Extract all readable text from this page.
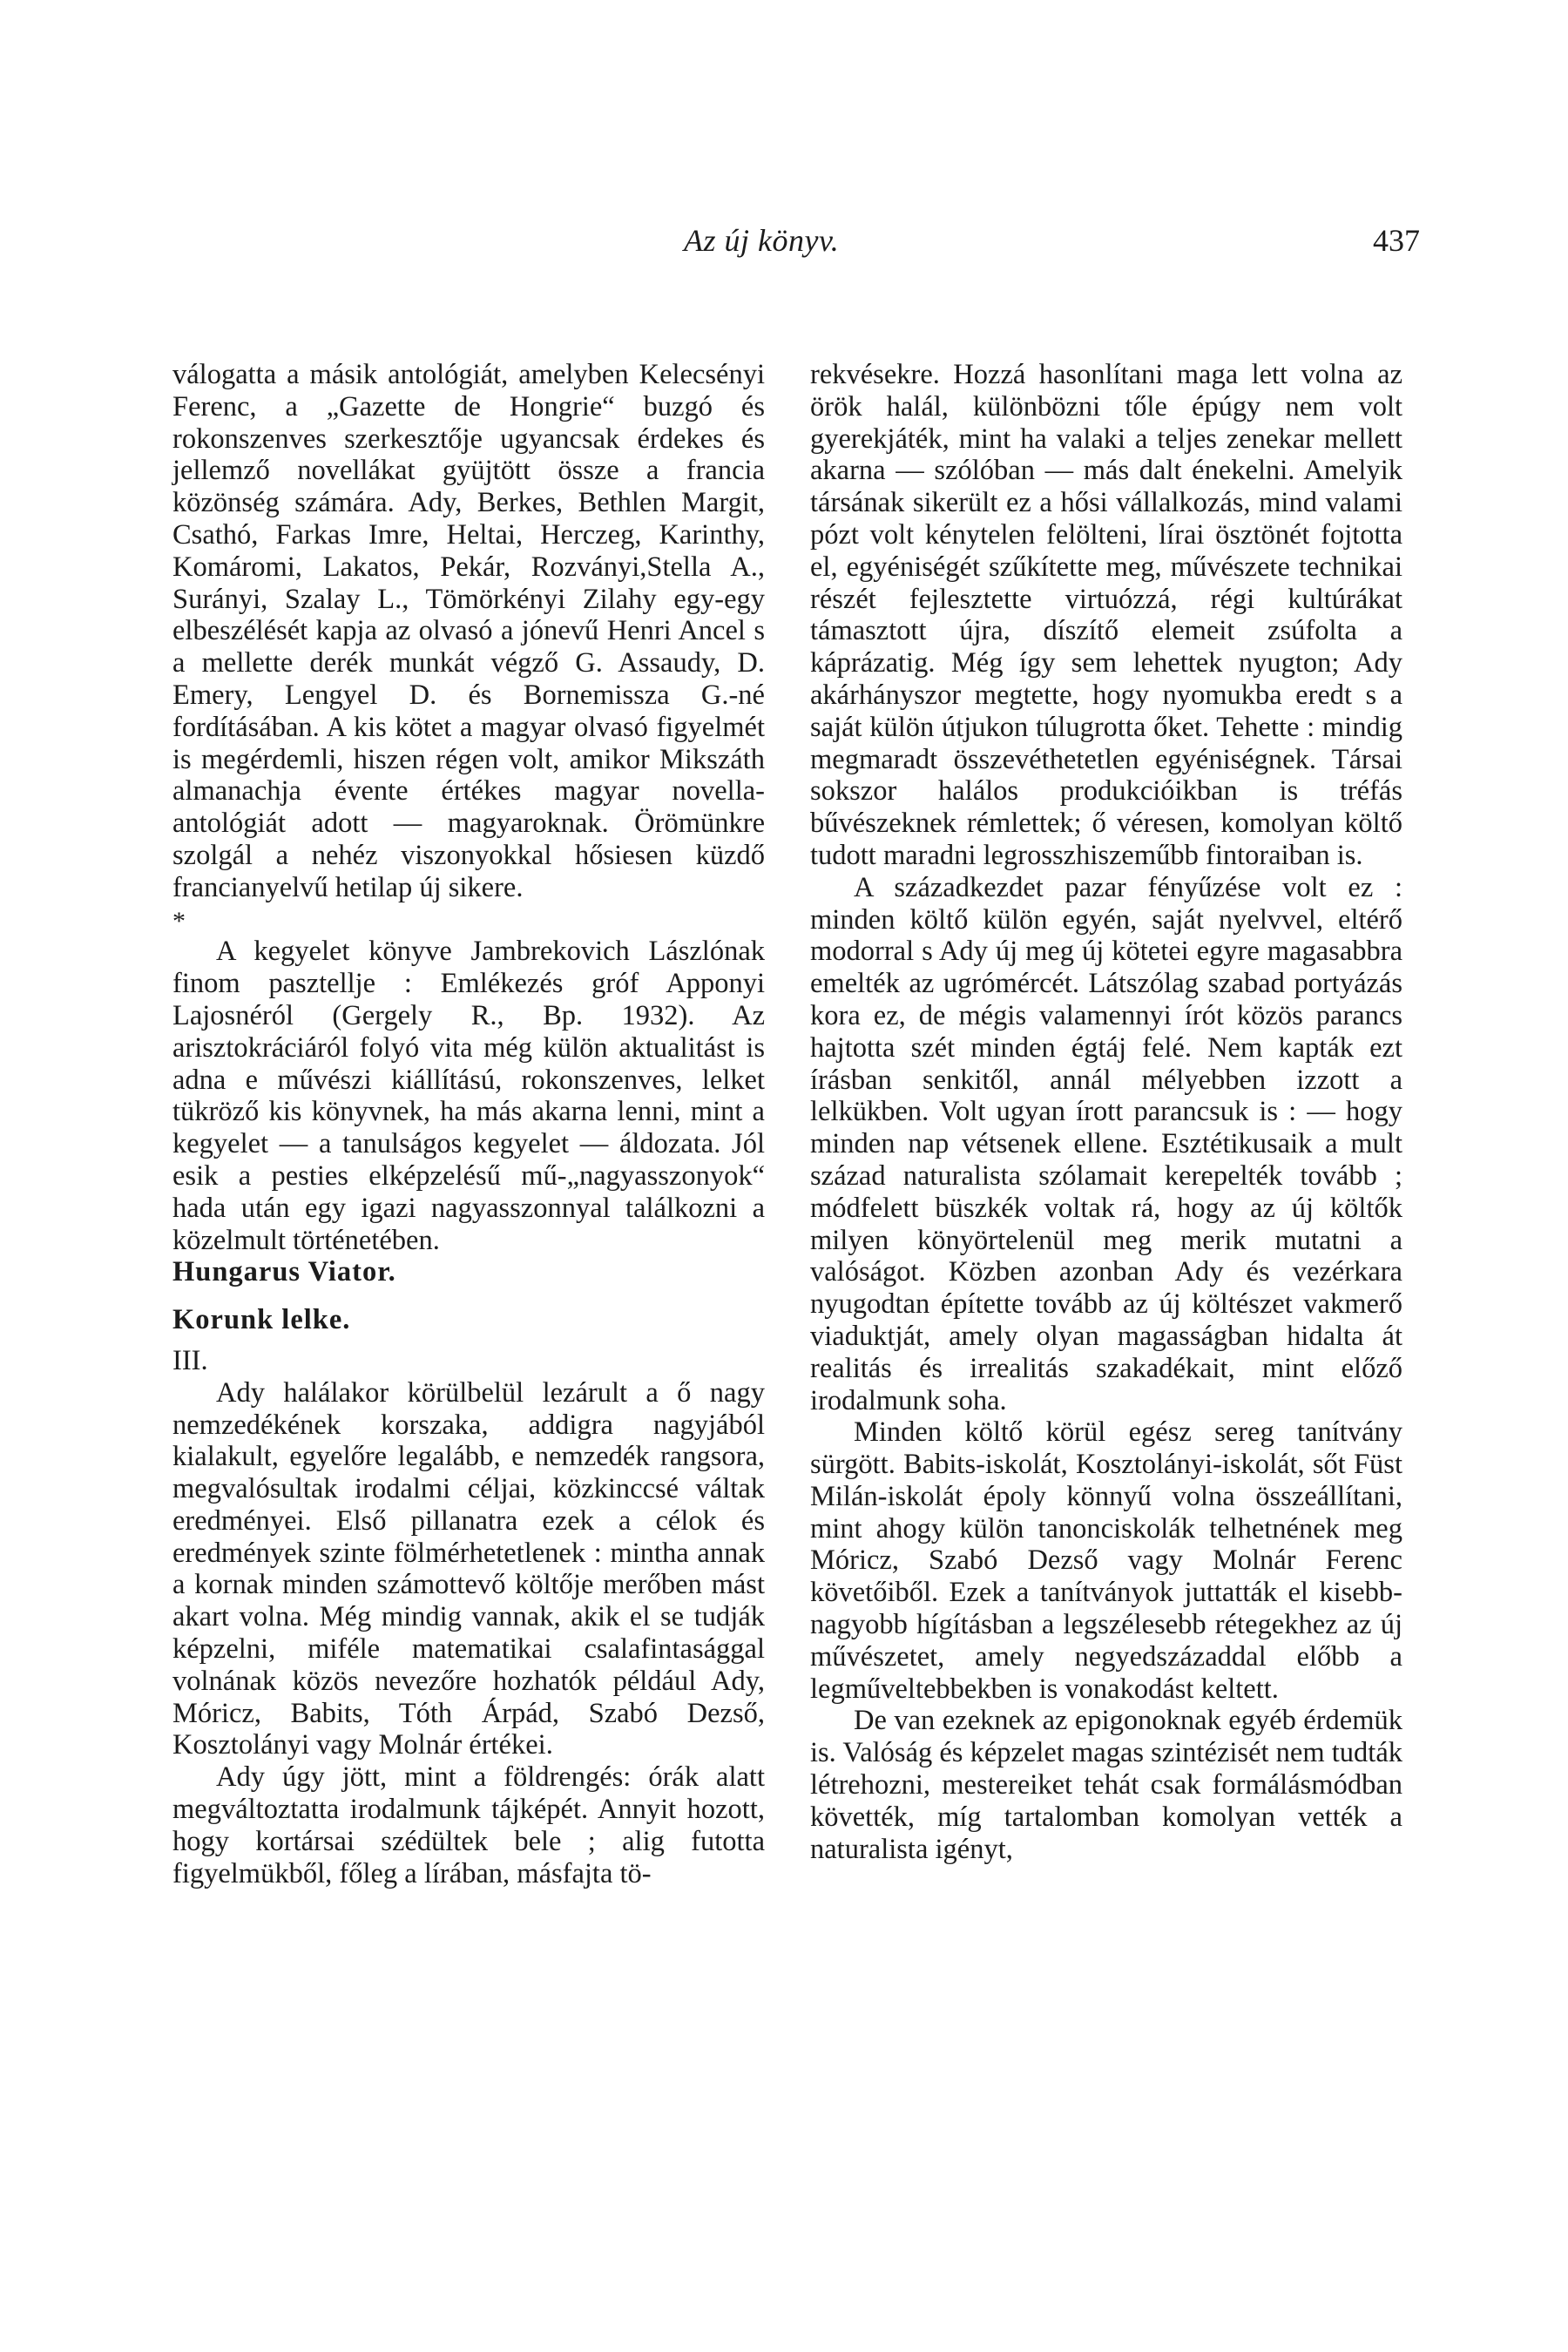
Az új könyv.	437

válogatta a másik antológiát, amelyben Kelecsényi Ferenc, a „Gazette de Hongrie“ buzgó és rokonszenves szerkesztője ugyancsak érdekes és jellemző novellákat gyüjtött össze a francia közönség számára. Ady, Berkes, Bethlen Margit, Csathó, Farkas Imre, Heltai, Herczeg, Karinthy, Komáromi, Lakatos, Pekár, Rozványi,Stella A., Surányi, Szalay L., Tömörkényi Zilahy egy-egy elbeszélését kapja az olvasó a jónevű Henri Ancel s a mellette derék munkát végző G. Assaudy, D. Emery, Lengyel D. és Bornemissza G.-né fordításában. A kis kötet a magyar olvasó figyelmét is megérdemli, hiszen régen volt, amikor Mikszáth almanachja évente értékes magyar novella-antológiát adott — magyaroknak. Örömünkre szolgál a nehéz viszonyokkal hősiesen küzdő francianyelvű hetilap új sikere.

*

A kegyelet könyve Jambrekovich Lászlónak finom pasztellje : Emlékezés gróf Apponyi Lajosnéról (Gergely R., Bp. 1932). Az arisztokráciáról folyó vita még külön aktualitást is adna e művészi kiállítású, rokonszenves, lelket tükröző kis könyvnek, ha más akarna lenni, mint a kegyelet — a tanulságos kegyelet — áldozata. Jól esik a pesties elképzelésű mű-„nagyasszonyok“ hada után egy igazi nagyasszonnyal találkozni a közelmult történetében.

Hungarus Viator.

Korunk lelke.

III.

Ady halálakor körülbelül lezárult a ő nagy nemzedékének korszaka, addigra nagyjából kialakult, egyelőre legalább, e nemzedék rangsora, megvalósultak irodalmi céljai, közkinccsé váltak eredményei. Első pillanatra ezek a célok és eredmények szinte fölmérhetetlenek : mintha annak a kornak minden számottevő költője merőben mást akart volna. Még mindig vannak, akik el se tudják képzelni, miféle matematikai csalafintasággal volnának közös nevezőre hozhatók például Ady, Móricz, Babits, Tóth Árpád, Szabó Dezső, Kosztolányi vagy Molnár értékei.

Ady úgy jött, mint a földrengés: órák alatt megváltoztatta irodalmunk tájképét. Annyit hozott, hogy kortársai szédültek bele ; alig futotta figyelmükből, főleg a lírában, másfajta tö-

rekvésekre. Hozzá hasonlítani maga lett volna az örök halál, különbözni tőle épúgy nem volt gyerekjáték, mint ha valaki a teljes zenekar mellett akarna — szólóban — más dalt énekelni. Amelyik társának sikerült ez a hősi vállalkozás, mind valami pózt volt kénytelen felölteni, lírai ösztönét fojtotta el, egyéniségét szűkítette meg, művészete technikai részét fejlesztette virtuózzá, régi kultúrákat támasztott újra, díszítő elemeit zsúfolta a káprázatig. Még így sem lehettek nyugton; Ady akárhányszor megtette, hogy nyomukba eredt s a saját külön útjukon túlugrotta őket. Tehette : mindig megmaradt összevéthetetlen egyéniségnek. Társai sokszor halálos produkcióikban is tréfás bűvészeknek rémlettek; ő véresen, komolyan költő tudott maradni legrosszhiszeműbb fintoraiban is.

A századkezdet pazar fényűzése volt ez : minden költő külön egyén, saját nyelvvel, eltérő modorral s Ady új meg új kötetei egyre magasabbra emelték az ugrómércét. Látszólag szabad portyázás kora ez, de mégis valamennyi írót közös parancs hajtotta szét minden égtáj felé. Nem kapták ezt írásban senkitől, annál mélyebben izzott a lelkükben. Volt ugyan írott parancsuk is : — hogy minden nap vétsenek ellene. Esztétikusaik a mult század naturalista szólamait kerepelték tovább ; módfelett büszkék voltak rá, hogy az új költők milyen könyörtelenül meg merik mutatni a valóságot. Közben azonban Ady és vezérkara nyugodtan építette tovább az új költészet vakmerő viaduktját, amely olyan magasságban hidalta át realitás és irrealitás szakadékait, mint előző irodalmunk soha.

Minden költő körül egész sereg tanítvány sürgött. Babits-iskolát, Kosztolányi-iskolát, sőt Füst Milán-iskolát époly könnyű volna összeállítani, mint ahogy külön tanonciskolák telhetnének meg Móricz, Szabó Dezső vagy Molnár Ferenc követőiből. Ezek a tanítványok juttatták el kisebb-nagyobb hígításban a legszélesebb rétegekhez az új művészetet, amely negyedszázaddal előbb a legműveltebbekben is vonakodást keltett.

De van ezeknek az epigonoknak egyéb érdemük is. Valóság és képzelet magas szintézisét nem tudták létrehozni, mestereiket tehát csak formálásmódban követték, míg tartalomban komolyan vették a naturalista igényt,
